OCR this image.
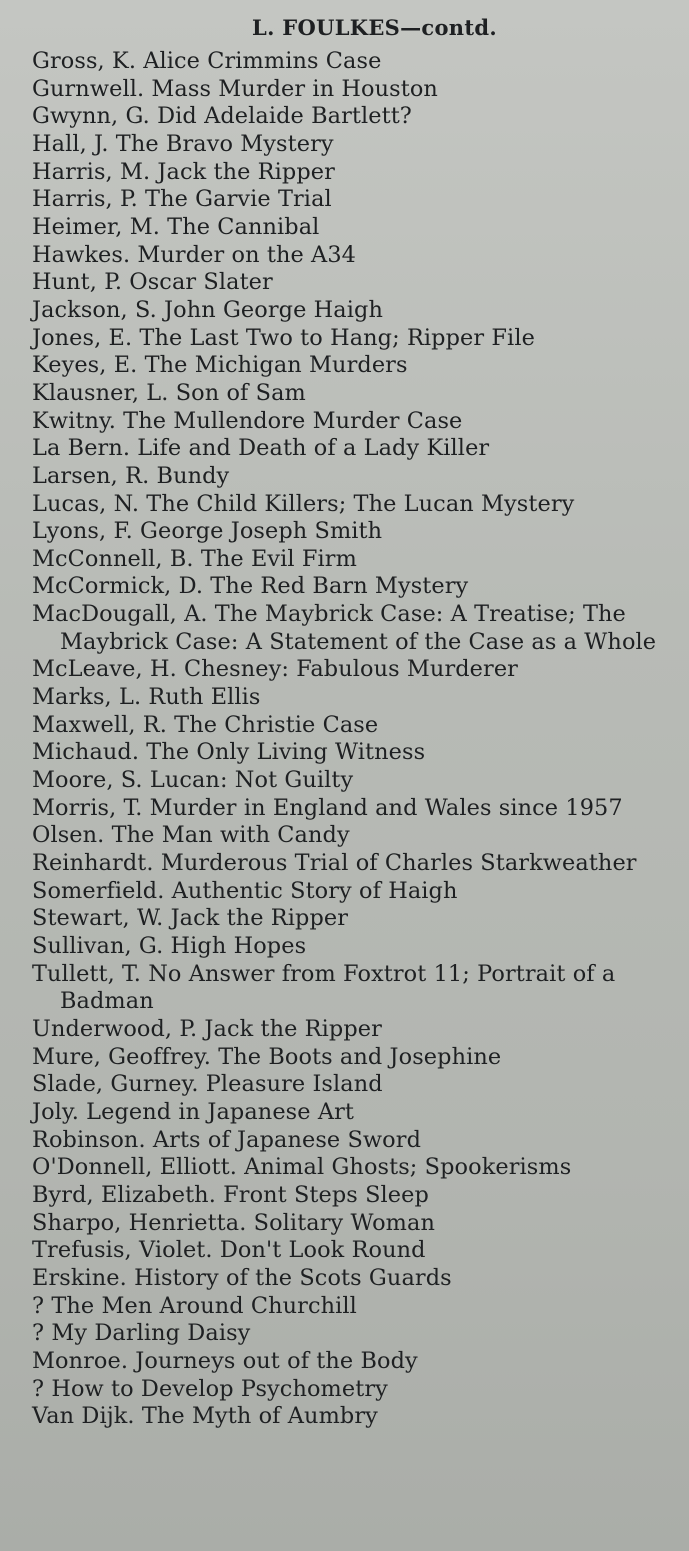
L. FOULKES—contd.
Gross, K. Alice Crimmins Case
Gurnwell. Mass Murder in Houston
Gwynn, G. Did Adelaide Bartlett?
Hall, J. The Bravo Mystery
Harris, M. Jack the Ripper
Harris, P. The Garvie Trial
Heimer, M. The Cannibal
Hawkes. Murder on the A34
Hunt, P. Oscar Slater
Jackson, S. John George Haigh
Jones, E. The Last Two to Hang; Ripper File
Keyes, E. The Michigan Murders
Klausner, L. Son of Sam
Kwitny. The Mullendore Murder Case
La Bern. Life and Death of a Lady Killer
Larsen, R. Bundy
Lucas, N. The Child Killers; The Lucan Mystery
Lyons, F. George Joseph Smith
McConnell, B. The Evil Firm
McCormick, D. The Red Barn Mystery
MacDougall, A. The Maybrick Case: A Treatise; The Maybrick Case: A Statement of the Case as a Whole
McLeave, H. Chesney: Fabulous Murderer
Marks, L. Ruth Ellis
Maxwell, R. The Christie Case
Michaud. The Only Living Witness
Moore, S. Lucan: Not Guilty
Morris, T. Murder in England and Wales since 1957
Olsen. The Man with Candy
Reinhardt. Murderous Trial of Charles Starkweather
Somerfield. Authentic Story of Haigh
Stewart, W. Jack the Ripper
Sullivan, G. High Hopes
Tullett, T. No Answer from Foxtrot 11; Portrait of a Badman
Underwood, P. Jack the Ripper
Mure, Geoffrey. The Boots and Josephine
Slade, Gurney. Pleasure Island
Joly. Legend in Japanese Art
Robinson. Arts of Japanese Sword
O'Donnell, Elliott. Animal Ghosts; Spookerisms
Byrd, Elizabeth. Front Steps Sleep
Sharpo, Henrietta. Solitary Woman
Trefusis, Violet. Don't Look Round
Erskine. History of the Scots Guards
? The Men Around Churchill
? My Darling Daisy
Monroe. Journeys out of the Body
? How to Develop Psychometry
Van Dijk. The Myth of Aumbry
